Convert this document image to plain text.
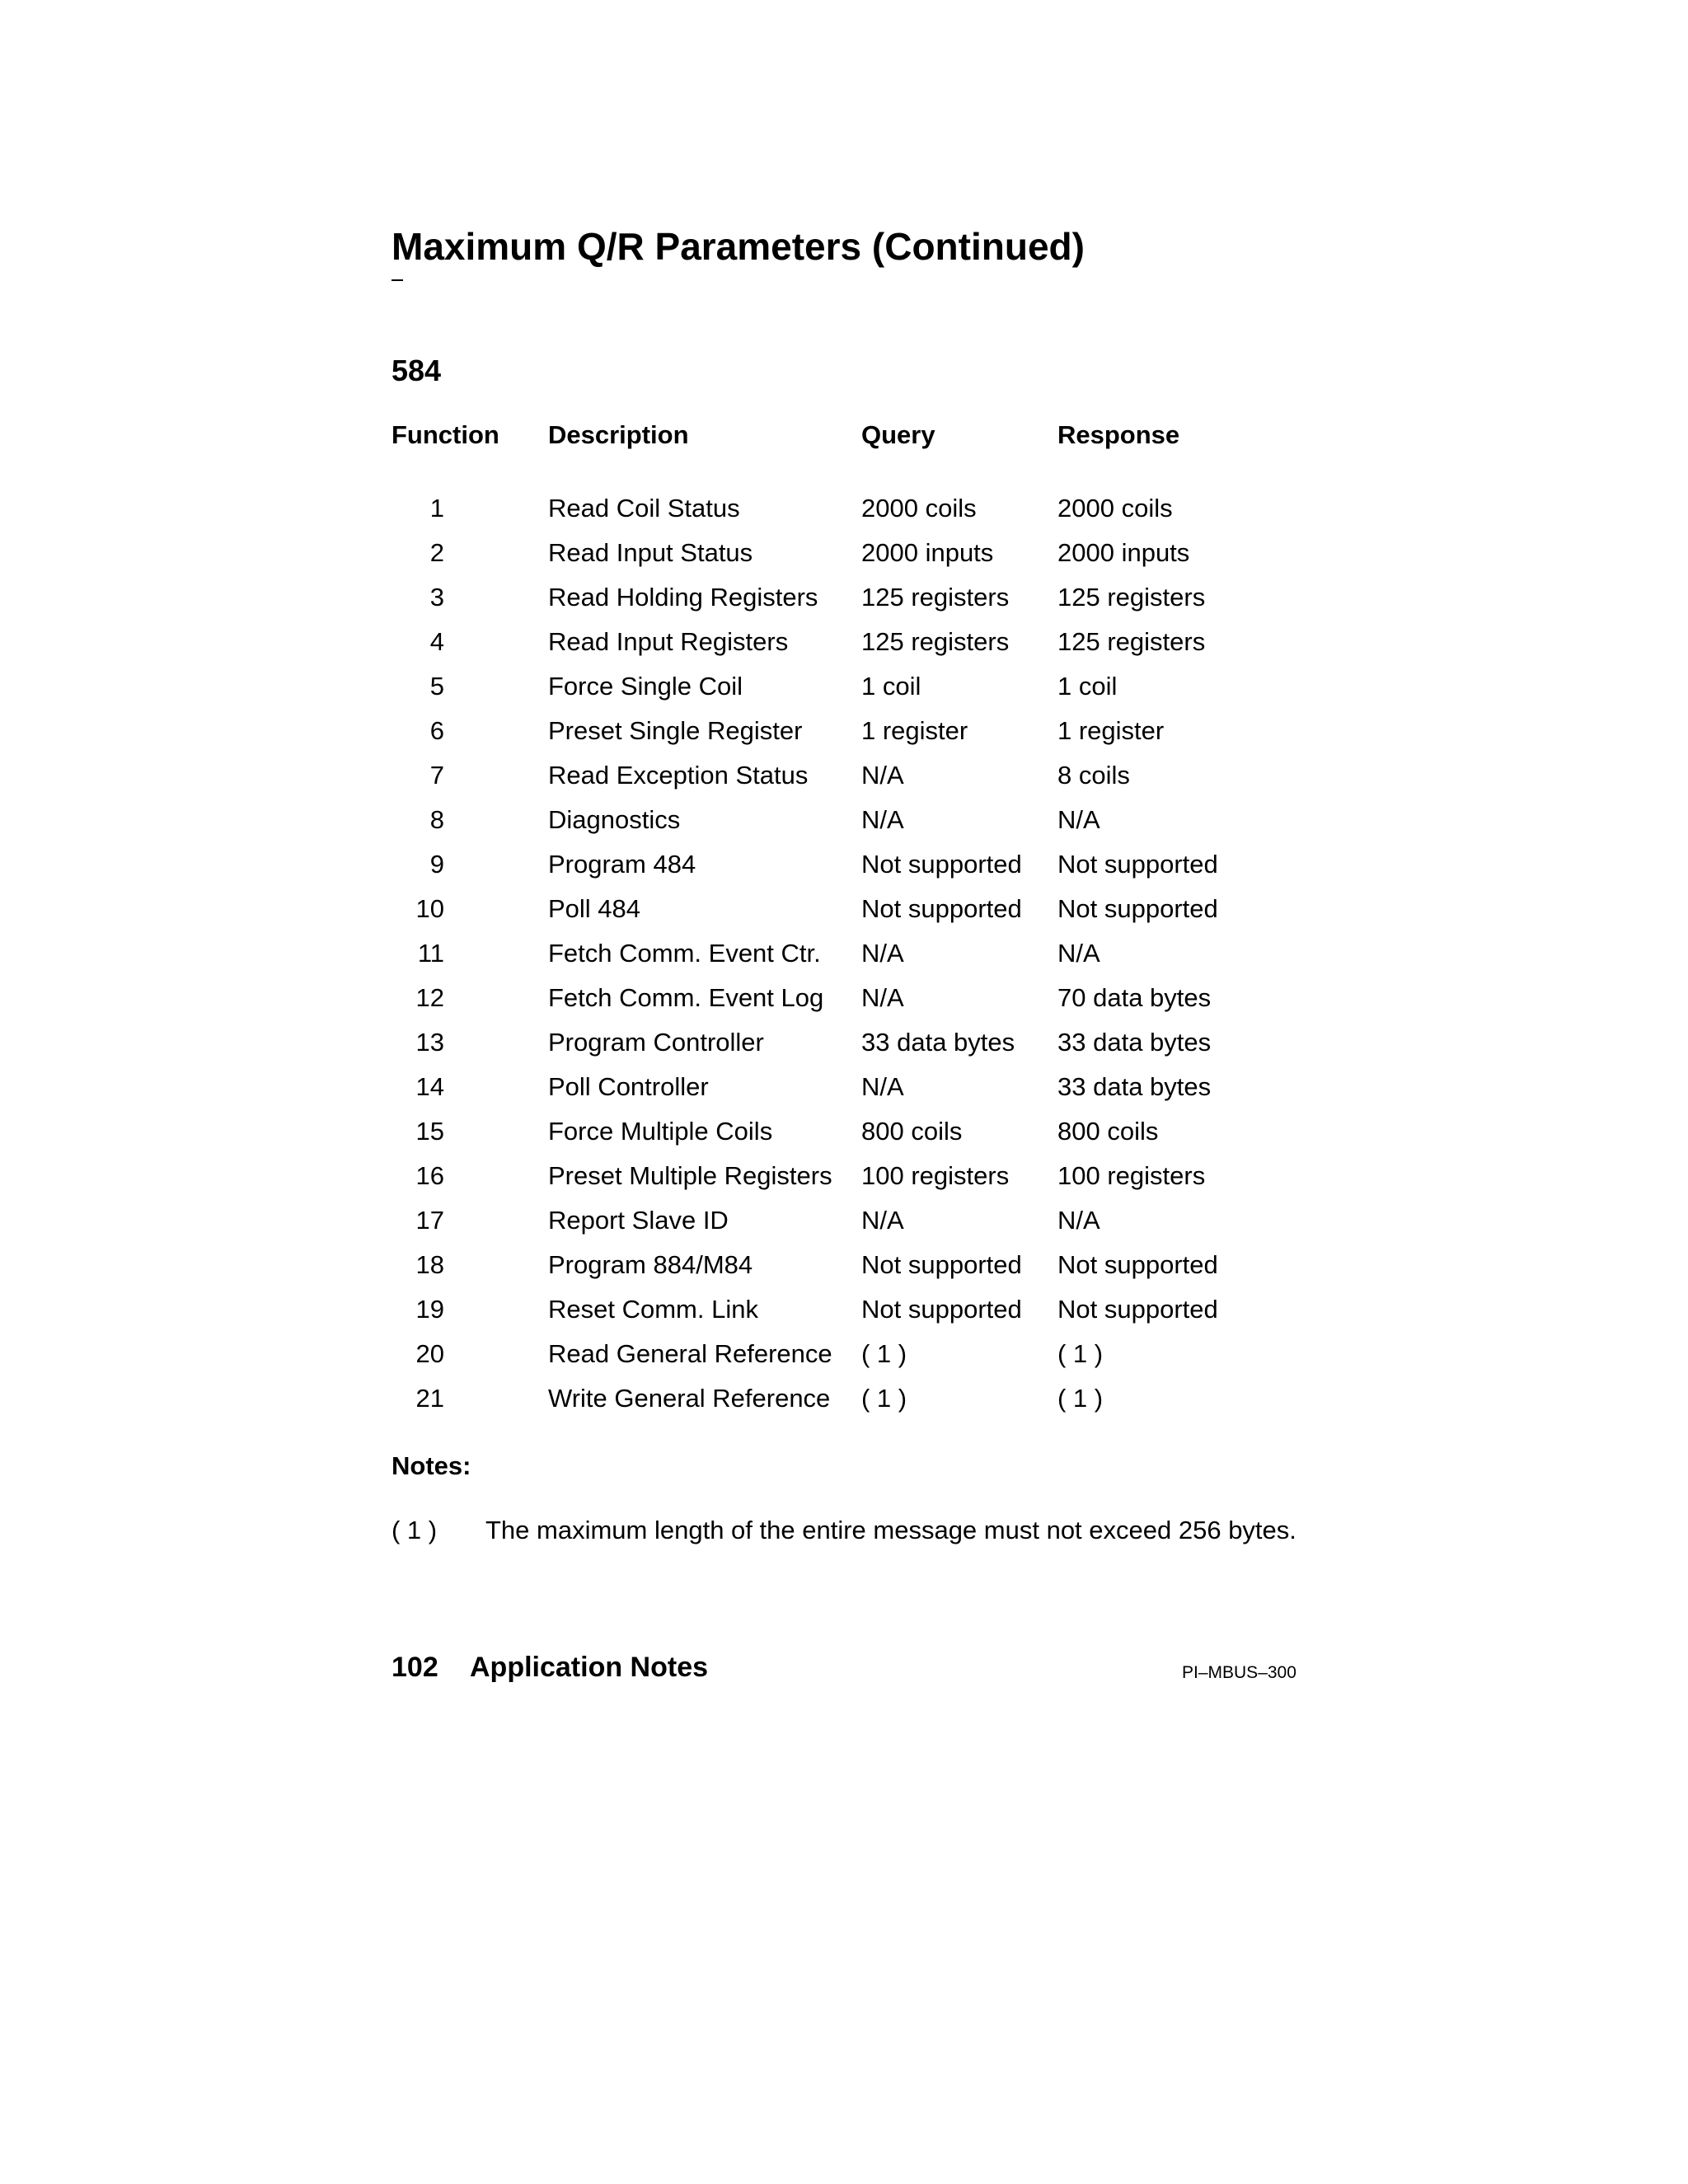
Maximum Q/R Parameters (Continued)
584
Function	Description	Query	Response
1	Read Coil Status	2000 coils	2000 coils
2	Read Input Status	2000 inputs	2000 inputs
3	Read Holding Registers	125 registers	125 registers
4	Read Input Registers	125 registers	125 registers
5	Force Single Coil	1 coil	1 coil
6	Preset Single Register	1 register	1 register
7	Read Exception Status	N/A	8 coils
8	Diagnostics	N/A	N/A
9	Program 484	Not supported	Not supported
10	Poll 484	Not supported	Not supported
11	Fetch Comm. Event Ctr.	N/A	N/A
12	Fetch Comm. Event Log	N/A	70 data bytes
13	Program Controller	33 data bytes	33 data bytes
14	Poll Controller	N/A	33 data bytes
15	Force Multiple Coils	800 coils	800 coils
16	Preset Multiple Registers	100 registers	100 registers
17	Report Slave ID	N/A	N/A
18	Program 884/M84	Not supported	Not supported
19	Reset Comm. Link	Not supported	Not supported
20	Read General Reference	( 1 )	( 1 )
21	Write General Reference	( 1 )	( 1 )
Notes:
( 1 ) The maximum length of the entire message must not exceed 256 bytes.
102 Application Notes	PI–MBUS–300
